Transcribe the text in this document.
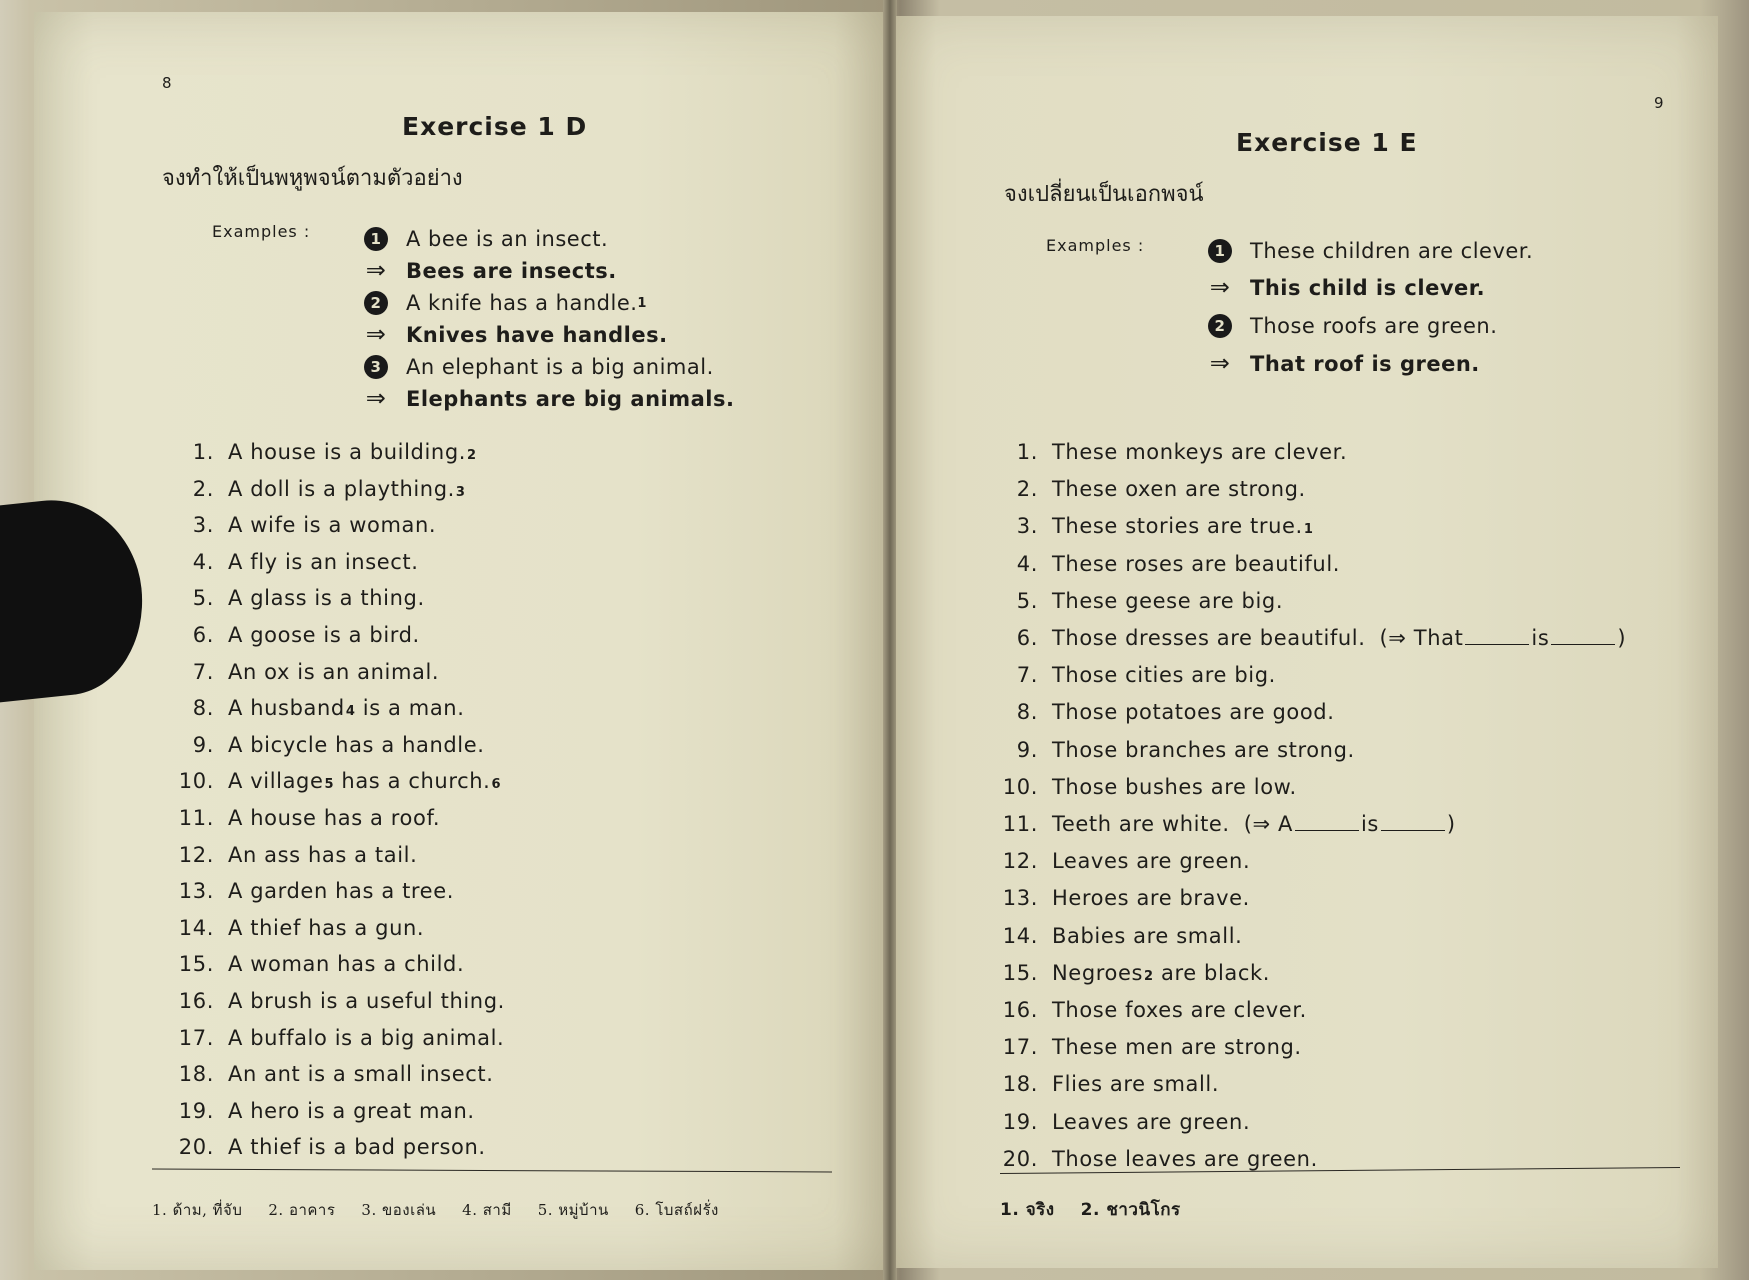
8
Exercise 1 D
จงทำให้เป็นพหูพจน์ตามตัวอย่าง
Examples :	1	A bee is an insect.
⇒ Bees are insects.
2	A knife has a handle. 1
⇒ Knives have handles.
3	An elephant is a big animal.
⇒ Elephants are big animals.
1. A house is a building. 2
2. A doll is a plaything. 3
3. A wife is a woman.
4. A fly is an insect.
5. A glass is a thing.
6. A goose is a bird.
7. An ox is an animal.
8. A husband 4 is a man.
9. A bicycle has a handle.
10. A village 5 has a church. 6
11. A house has a roof.
12. An ass has a tail.
13. A garden has a tree.
14. A thief has a gun.
15. A woman has a child.
16. A brush is a useful thing.
17. A buffalo is a big animal.
18. An ant is a small insect.
19. A hero is a great man.
20. A thief is a bad person.
1. ด้าม, ที่จับ 2. อาคาร 3. ของเล่น 4. สามี 5. หมู่บ้าน 6. โบสถ์ฝรั่ง
9
Exercise 1 E
จงเปลี่ยนเป็นเอกพจน์
Examples :	1	These children are clever.
⇒ This child is clever.
2	Those roofs are green.
⇒ That roof is green.
1. These monkeys are clever.
2. These oxen are strong.
3. These stories are true. 1
4. These roses are beautiful.
5. These geese are big.
6. Those dresses are beautiful. (⇒ That	is	)
7. Those cities are big.
8. Those potatoes are good.
9. Those branches are strong.
10. Those bushes are low.
11. Teeth are white. (⇒ A	is	)
12. Leaves are green.
13. Heroes are brave.
14. Babies are small.
15. Negroes 2 are black.
16. Those foxes are clever.
17. These men are strong.
18. Flies are small.
19. Leaves are green.
20. Those leaves are green.
1. จริง 2. ชาวนิโกร
